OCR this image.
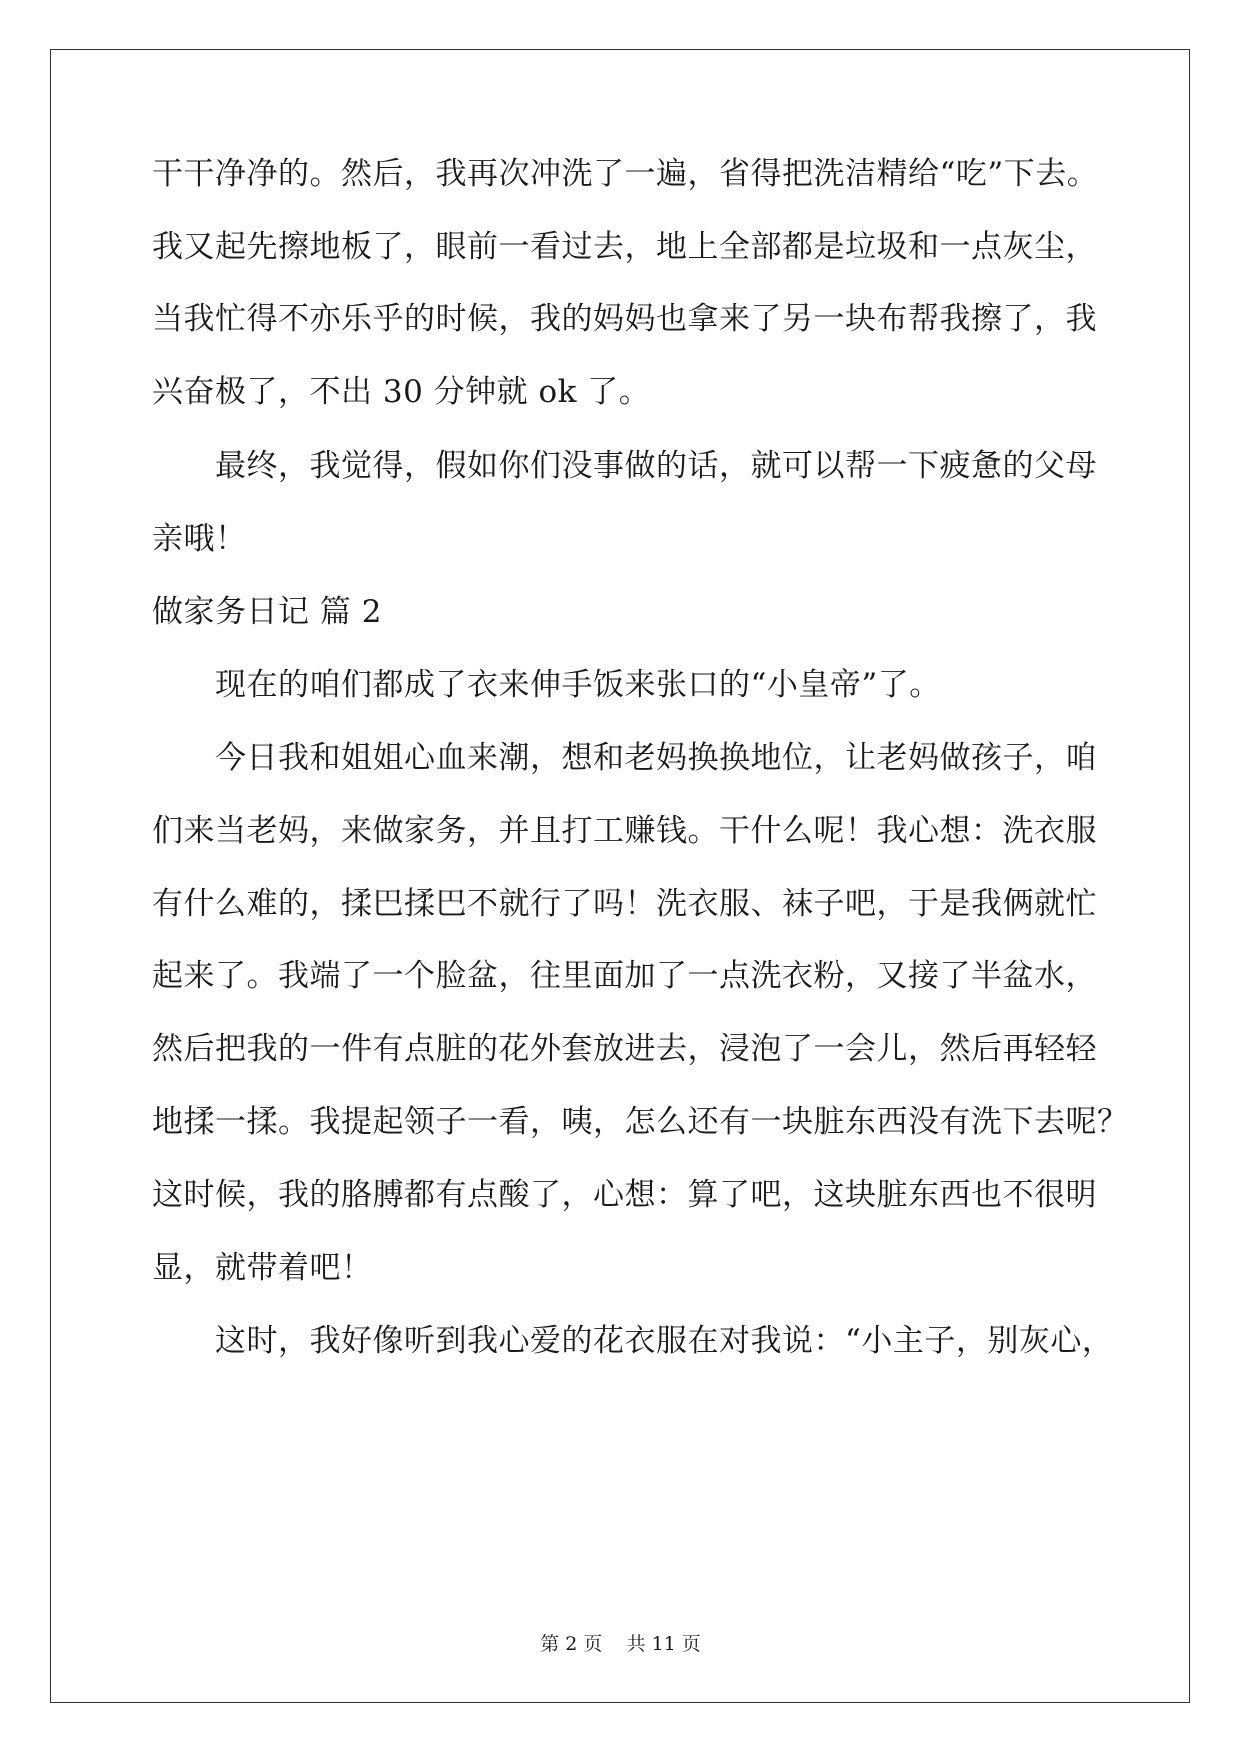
干干净净的。然后，我再次冲洗了一遍，省得把洗洁精给“吃”下去。
我又起先擦地板了，眼前一看过去，地上全部都是垃圾和一点灰尘，
当我忙得不亦乐乎的时候，我的妈妈也拿来了另一块布帮我擦了，我
兴奋极了，不出 30 分钟就 ok 了。
最终，我觉得，假如你们没事做的话，就可以帮一下疲惫的父母
亲哦！
做家务日记 篇 2
现在的咱们都成了衣来伸手饭来张口的“小皇帝”了。
今日我和姐姐心血来潮，想和老妈换换地位，让老妈做孩子，咱
们来当老妈，来做家务，并且打工赚钱。干什么呢！我心想：洗衣服
有什么难的，揉巴揉巴不就行了吗！洗衣服、袜子吧，于是我俩就忙
起来了。我端了一个脸盆，往里面加了一点洗衣粉，又接了半盆水，
然后把我的一件有点脏的花外套放进去，浸泡了一会儿，然后再轻轻
地揉一揉。我提起领子一看，咦，怎么还有一块脏东西没有洗下去呢？
这时候，我的胳膊都有点酸了，心想：算了吧，这块脏东西也不很明
显，就带着吧！
这时，我好像听到我心爱的花衣服在对我说：“小主子，别灰心，
第 2 页    共 11 页
